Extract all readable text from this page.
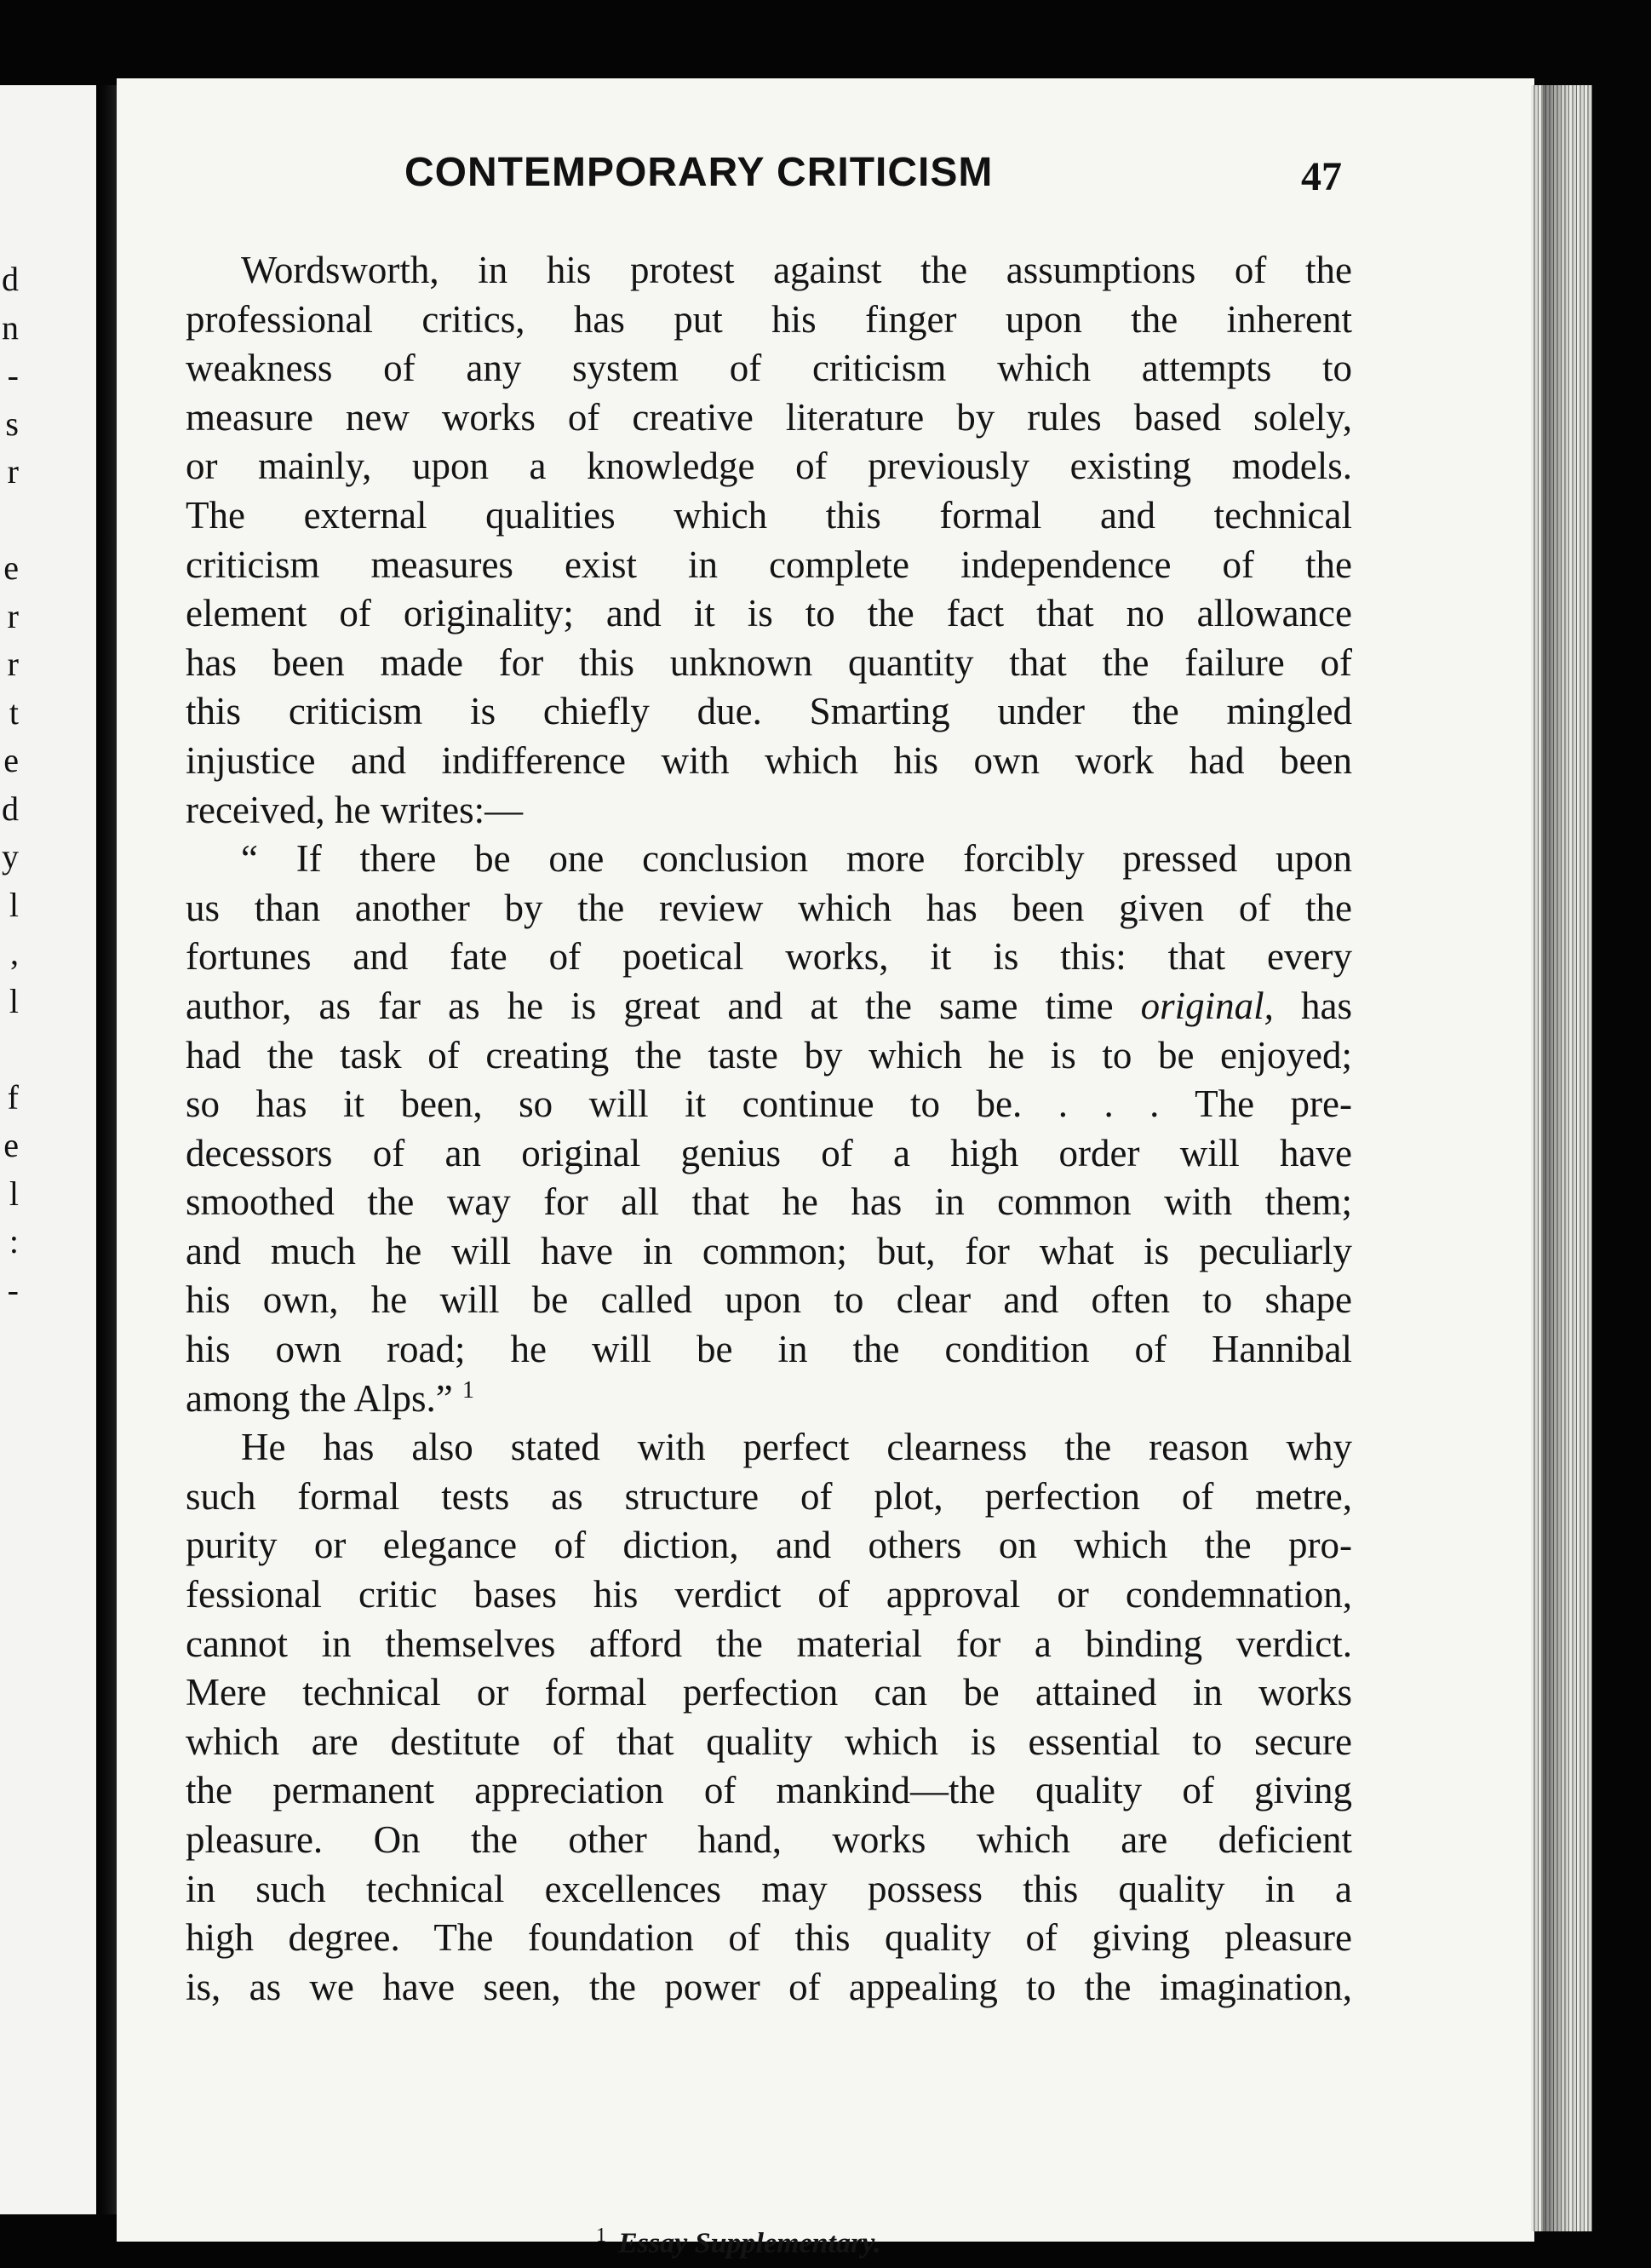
d
n
-
s
r
e
r
r
t
e
d
y
l
,
l
f
e
l
:
-
CONTEMPORARY CRITICISM	47
Wordsworth, in his protest against the assumptions of the
professional critics, has put his finger upon the inherent
weakness of any system of criticism which attempts to
measure new works of creative literature by rules based solely,
or mainly, upon a knowledge of previously existing models.
The external qualities which this formal and technical
criticism measures exist in complete independence of the
element of originality; and it is to the fact that no allowance
has been made for this unknown quantity that the failure of
this criticism is chiefly due. Smarting under the mingled
injustice and indifference with which his own work had been
received, he writes:—
“ If there be one conclusion more forcibly pressed upon
us than another by the review which has been given of the
fortunes and fate of poetical works, it is this: that every
author, as far as he is great and at the same time original, has
had the task of creating the taste by which he is to be enjoyed;
so has it been, so will it continue to be. . . . The pre-
decessors of an original genius of a high order will have
smoothed the way for all that he has in common with them;
and much he will have in common; but, for what is peculiarly
his own, he will be called upon to clear and often to shape
his own road; he will be in the condition of Hannibal
among the Alps.” $^1$
He has also stated with perfect clearness the reason why
such formal tests as structure of plot, perfection of metre,
purity or elegance of diction, and others on which the pro-
fessional critic bases his verdict of approval or condemnation,
cannot in themselves afford the material for a binding verdict.
Mere technical or formal perfection can be attained in works
which are destitute of that quality which is essential to secure
the permanent appreciation of mankind—the quality of giving
pleasure. On the other hand, works which are deficient
in such technical excellences may possess this quality in a
high degree. The foundation of this quality of giving pleasure
is, as we have seen, the power of appealing to the imagination,
$^1$ Essay Supplementary.
